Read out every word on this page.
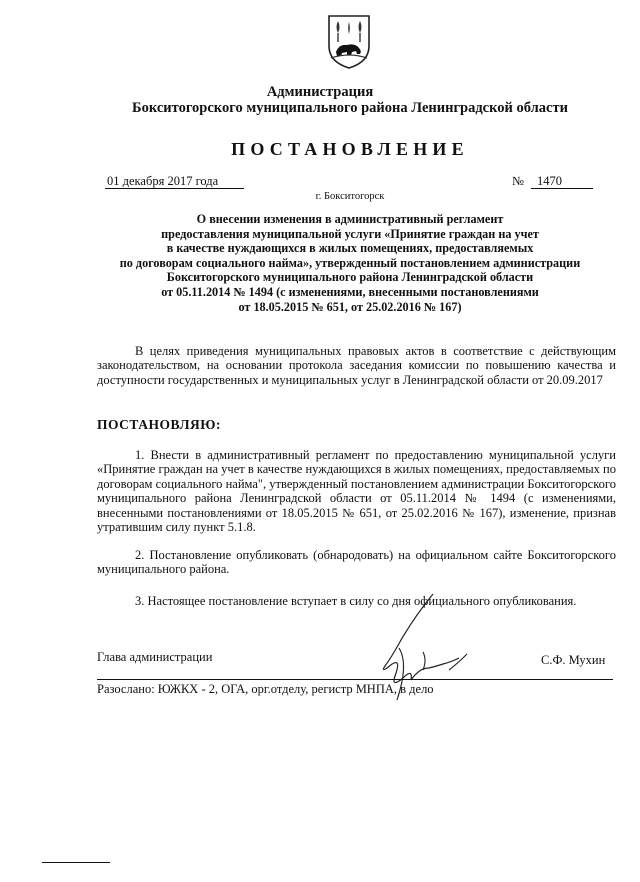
Администрация
Бокситогорского муниципального района Ленинградской области
ПОСТАНОВЛЕНИЕ
01 декабря 2017 года	№	1470
г. Бокситогорск
О внесении изменения в административный регламент
предоставления муниципальной услуги «Принятие граждан на учет
в качестве нуждающихся в жилых помещениях, предоставляемых
по договорам социального найма», утвержденный постановлением администрации
Бокситогорского муниципального района Ленинградской области
от 05.11.2014 № 1494 (с изменениями, внесенными постановлениями
от 18.05.2015 № 651, от 25.02.2016 № 167)
В целях приведения муниципальных правовых актов в соответствие с действующим законодательством, на основании протокола заседания комиссии по повышению качества и доступности государственных и муниципальных услуг в Ленинградской области от 20.09.2017
ПОСТАНОВЛЯЮ:
1. Внести в административный регламент по предоставлению муниципальной услуги «Принятие граждан на учет в качестве нуждающихся в жилых помещениях, предоставляемых по договорам социального найма", утвержденный постановлением администрации Бокситогорского муниципального района Ленинградской области от 05.11.2014 № 1494 (с изменениями, внесенными постановлениями от 18.05.2015 № 651, от 25.02.2016 № 167), изменение, признав утратившим силу пункт 5.1.8.
2. Постановление опубликовать (обнародовать) на официальном сайте Бокситогорского муниципального района.
3. Настоящее постановление вступает в силу со дня официального опубликования.
Глава администрации	С.Ф. Мухин
Разослано: ЮЖКХ - 2, ОГА, орг.отделу, регистр МНПА, в дело
